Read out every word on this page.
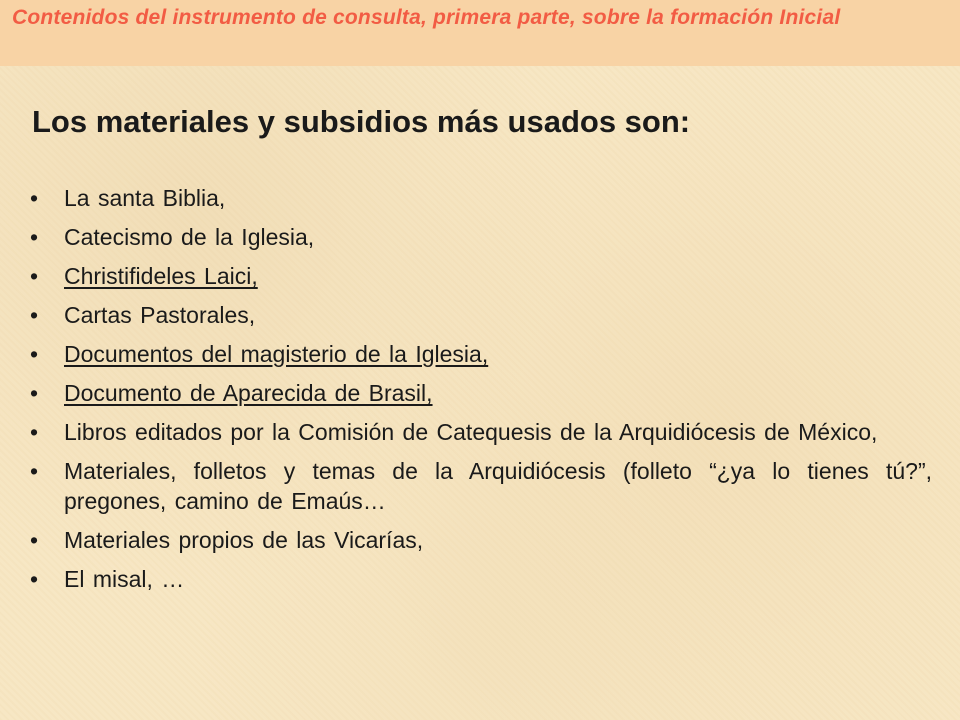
Contenidos del instrumento de consulta, primera parte, sobre la formación Inicial
Los materiales y subsidios más usados son:
•	La santa Biblia,
•	Catecismo de la Iglesia,
•	Christifideles Laici,
•	Cartas Pastorales,
•	Documentos del magisterio de la Iglesia,
•	Documento de Aparecida de Brasil,
•	Libros editados por la Comisión de Catequesis de la Arquidiócesis de México,
•	Materiales, folletos y temas de la Arquidiócesis (folleto “¿ya lo tienes tú?”, pregones, camino de Emaús…
•	Materiales propios de las Vicarías,
•	El misal, …
